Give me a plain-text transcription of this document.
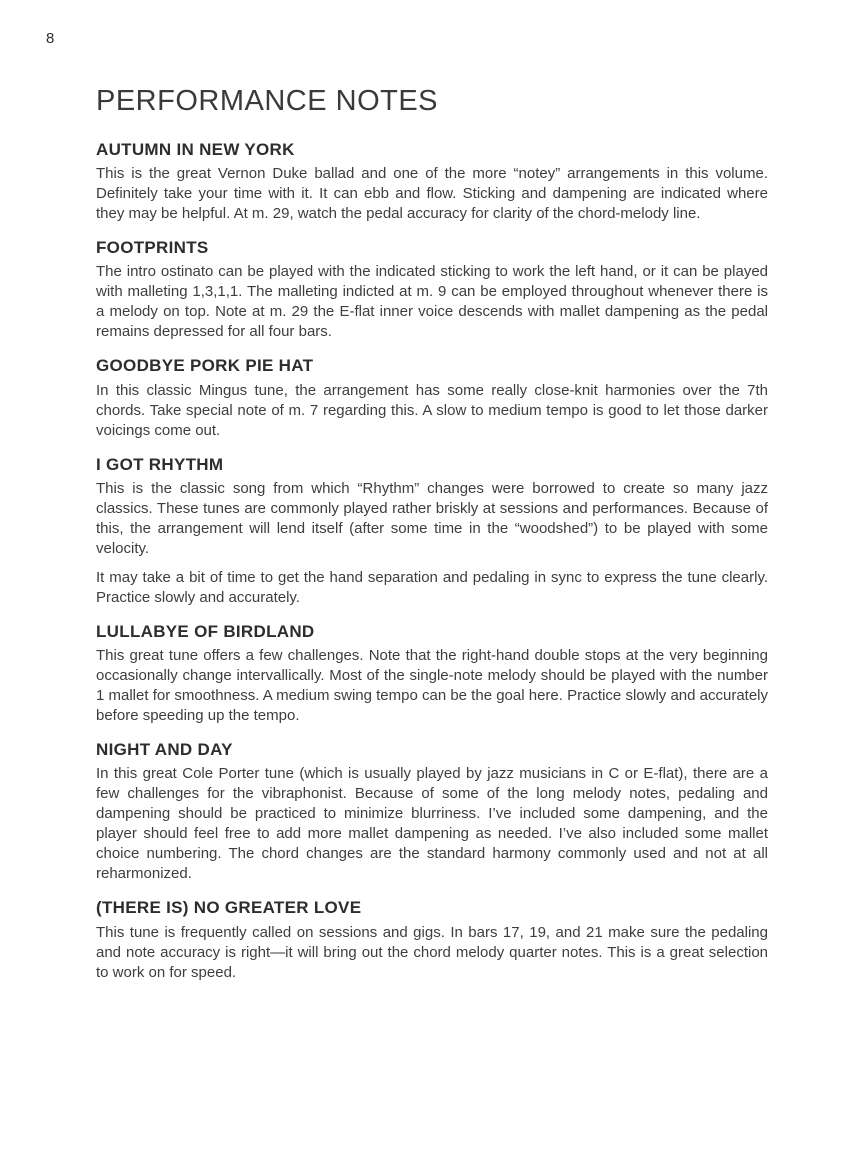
8
PERFORMANCE NOTES
AUTUMN IN NEW YORK

This is the great Vernon Duke ballad and one of the more “notey” arrangements in this volume. Definitely take your time with it. It can ebb and flow. Sticking and dampening are indicated where they may be helpful. At m. 29, watch the pedal accuracy for clarity of the chord-melody line.

FOOTPRINTS

The intro ostinato can be played with the indicated sticking to work the left hand, or it can be played with malleting 1,3,1,1. The malleting indicted at m. 9 can be employed throughout whenever there is a melody on top. Note at m. 29 the E-flat inner voice descends with mallet dampening as the pedal remains depressed for all four bars.

GOODBYE PORK PIE HAT

In this classic Mingus tune, the arrangement has some really close-knit harmonies over the 7th chords. Take special note of m. 7 regarding this. A slow to medium tempo is good to let those darker voicings come out.

I GOT RHYTHM

This is the classic song from which “Rhythm” changes were borrowed to create so many jazz classics. These tunes are commonly played rather briskly at sessions and performances. Because of this, the arrangement will lend itself (after some time in the “woodshed”) to be played with some velocity.

It may take a bit of time to get the hand separation and pedaling in sync to express the tune clearly. Practice slowly and accurately.

LULLABYE OF BIRDLAND

This great tune offers a few challenges. Note that the right-hand double stops at the very beginning occasionally change intervallically. Most of the single-note melody should be played with the number 1 mallet for smoothness. A medium swing tempo can be the goal here. Practice slowly and accurately before speeding up the tempo.

NIGHT AND DAY

In this great Cole Porter tune (which is usually played by jazz musicians in C or E-flat), there are a few challenges for the vibraphonist. Because of some of the long melody notes, pedaling and dampening should be practiced to minimize blurriness. I’ve included some dampening, and the player should feel free to add more mallet dampening as needed. I’ve also included some mallet choice numbering. The chord changes are the standard harmony commonly used and not at all reharmonized.

(THERE IS) NO GREATER LOVE

This tune is frequently called on sessions and gigs. In bars 17, 19, and 21 make sure the pedaling and note accuracy is right—it will bring out the chord melody quarter notes. This is a great selection to work on for speed.
